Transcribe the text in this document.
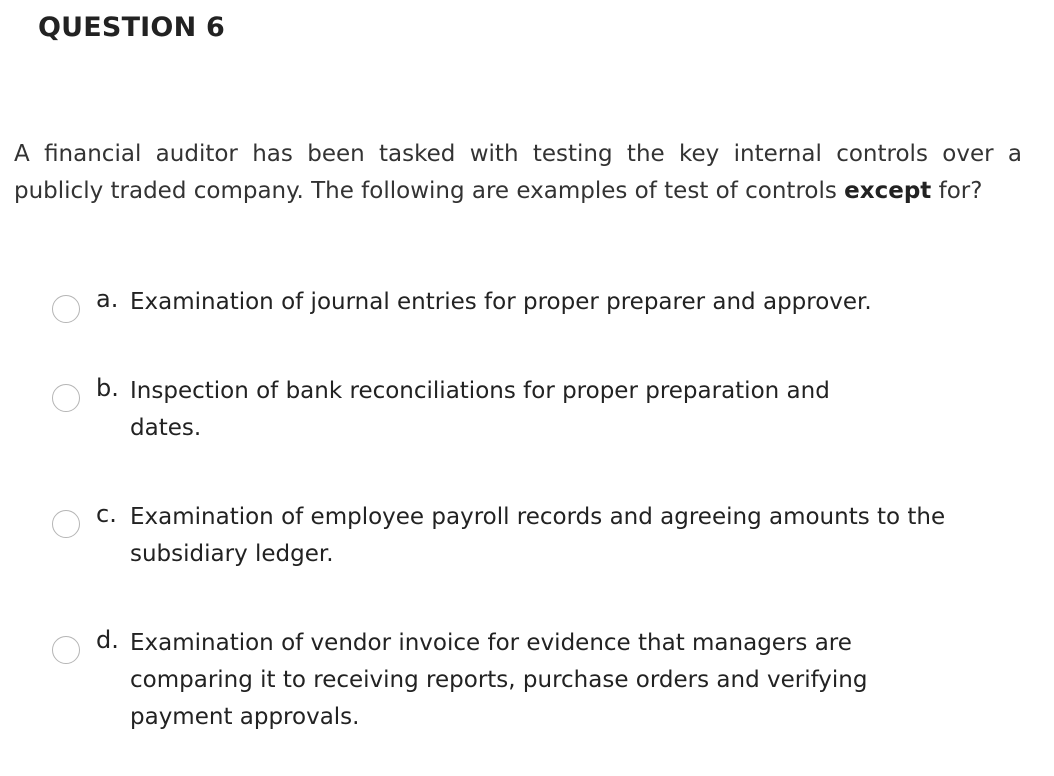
QUESTION 6
A financial auditor has been tasked with testing the key internal controls over a publicly traded company. The following are examples of test of controls except for?
a. Examination of journal entries for proper preparer and approver.
b. Inspection of bank reconciliations for proper preparation and dates.
c. Examination of employee payroll records and agreeing amounts to the subsidiary ledger.
d. Examination of vendor invoice for evidence that managers are comparing it to receiving reports, purchase orders and verifying payment approvals.
